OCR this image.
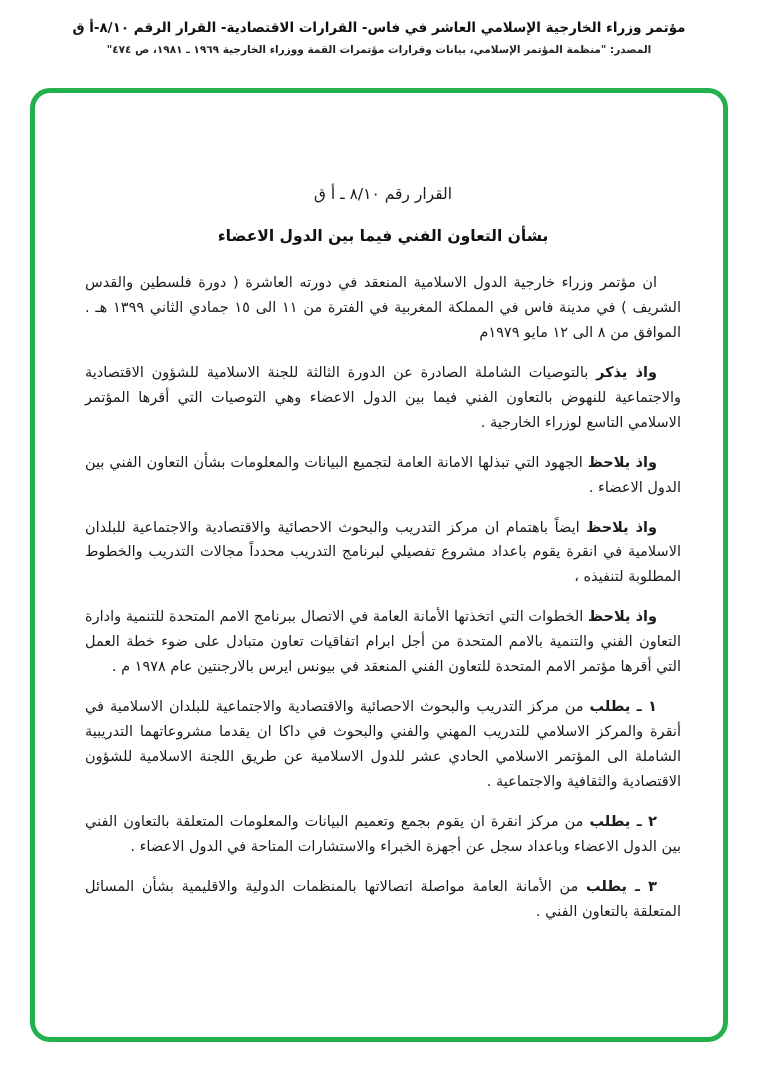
مؤتمر وزراء الخارجية الإسلامي العاشر في فاس- القرارات الاقتصادية- القرار الرقم ٨/١٠-أ ق
المصدر: "منظمة المؤتمر الإسلامي، بيانات وقرارات مؤتمرات القمة ووزراء الخارجية ١٩٦٩ ـ ١٩٨١، ص ٤٧٤"
القرار رقم ٨/١٠ ـ أ ق
بشأن التعاون الفني فيما بين الدول الاعضاء

ان مؤتمر وزراء خارجية الدول الاسلامية المنعقد في دورته العاشرة ( دورة فلسطين والقدس الشريف ) في مدينة فاس في المملكة المغربية في الفترة من ١١ الى ١٥ جمادي الثاني ١٣٩٩ هـ . الموافق من ٨ الى ١٢ مايو ١٩٧٩م

واذ يذكر بالتوصيات الشاملة الصادرة عن الدورة الثالثة للجنة الاسلامية للشؤون الاقتصادية والاجتماعية للنهوض بالتعاون الفني فيما بين الدول الاعضاء وهي التوصيات التي أقرها المؤتمر الاسلامي التاسع لوزراء الخارجية .

واذ يلاحظ الجهود التي تبذلها الامانة العامة لتجميع البيانات والمعلومات بشأن التعاون الفني بين الدول الاعضاء .

واذ يلاحظ ايضاً باهتمام ان مركز التدريب والبحوث الاحصائية والاقتصادية والاجتماعية للبلدان الاسلامية في انقرة يقوم باعداد مشروع تفصيلي لبرنامج التدريب محدداً مجالات التدريب والخطوط المطلوبة لتنفيذه ،

واذ يلاحظ الخطوات التي اتخذتها الأمانة العامة في الاتصال ببرنامج الامم المتحدة للتنمية وادارة التعاون الفني والتنمية بالامم المتحدة من أجل ابرام اتفاقيات تعاون متبادل على ضوء خطة العمل التي أقرها مؤتمر الامم المتحدة للتعاون الفني المنعقد في بيونس ايرس بالارجنتين عام ١٩٧٨ م .

١ ـ يطلب من مركز التدريب والبحوث الاحصائية والاقتصادية والاجتماعية للبلدان الاسلامية في أنقرة والمركز الاسلامي للتدريب المهني والفني والبحوث في داكا ان يقدما مشروعاتهما التدريبية الشاملة الى المؤتمر الاسلامي الحادي عشر للدول الاسلامية عن طريق اللجنة الاسلامية للشؤون الاقتصادية والثقافية والاجتماعية .

٢ ـ يطلب من مركز انقرة ان يقوم بجمع وتعميم البيانات والمعلومات المتعلقة بالتعاون الفني بين الدول الاعضاء وباعداد سجل عن أجهزة الخبراء والاستشارات المتاحة في الدول الاعضاء .

٣ ـ يطلب من الأمانة العامة مواصلة اتصالاتها بالمنظمات الدولية والاقليمية بشأن المسائل المتعلقة بالتعاون الفني .
